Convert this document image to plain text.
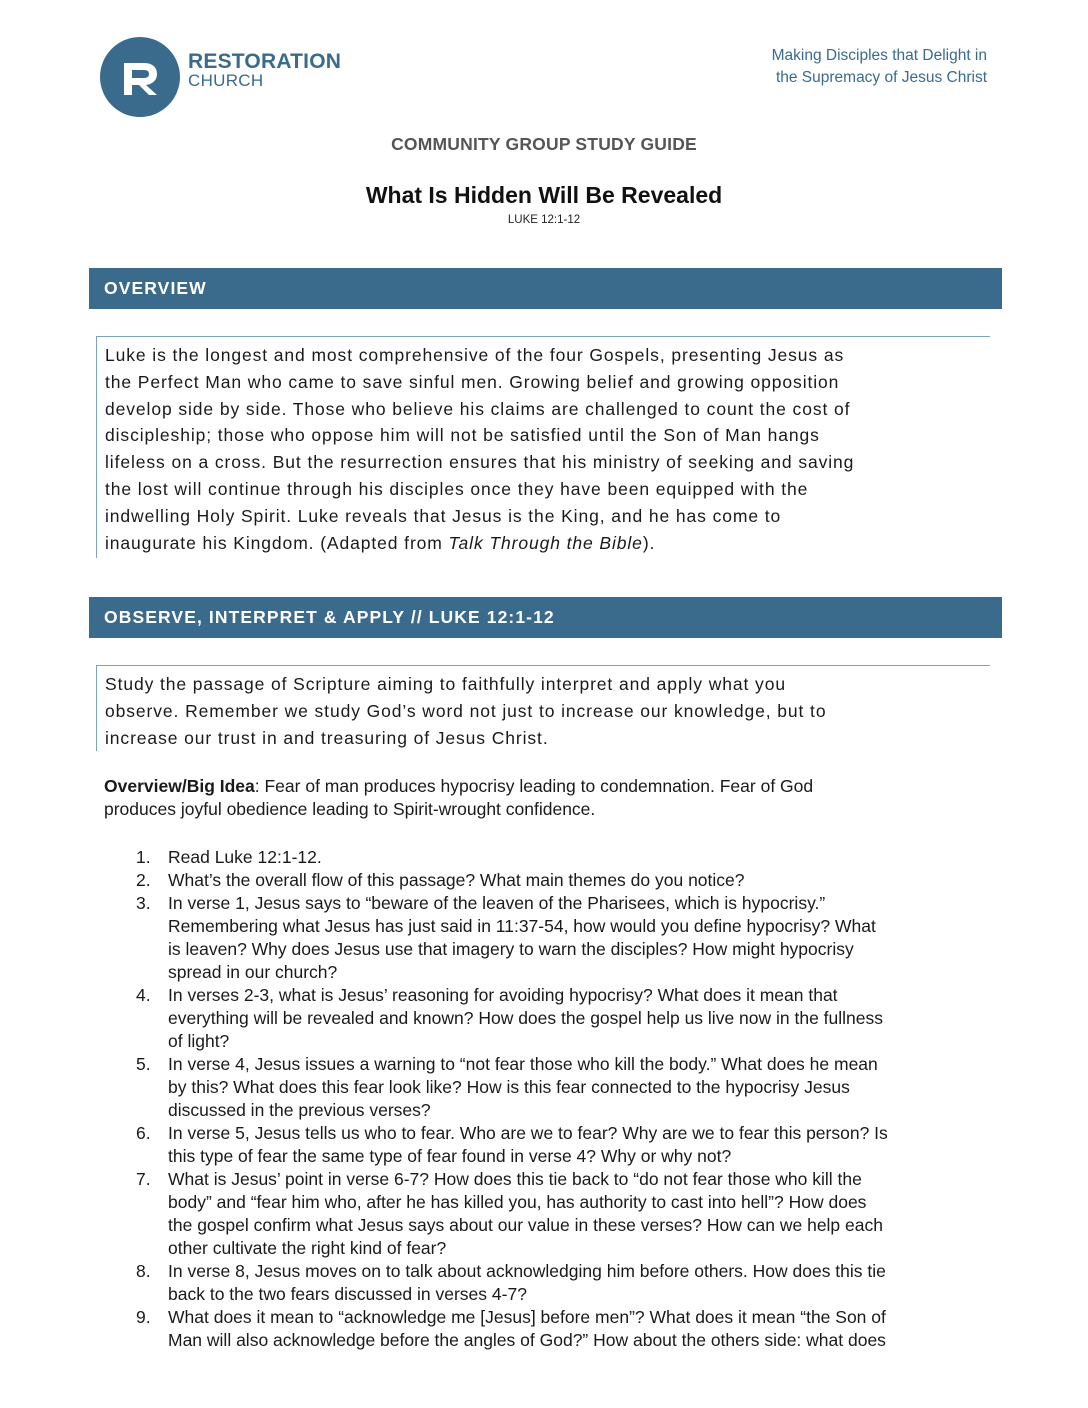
RESTORATION
CHURCH
Making Disciples that Delight in
the Supremacy of Jesus Christ
COMMUNITY GROUP STUDY GUIDE
What Is Hidden Will Be Revealed
LUKE 12:1-12
OVERVIEW
Luke is the longest and most comprehensive of the four Gospels, presenting Jesus as
the Perfect Man who came to save sinful men. Growing belief and growing opposition
develop side by side. Those who believe his claims are challenged to count the cost of
discipleship; those who oppose him will not be satisfied until the Son of Man hangs
lifeless on a cross. But the resurrection ensures that his ministry of seeking and saving
the lost will continue through his disciples once they have been equipped with the
indwelling Holy Spirit. Luke reveals that Jesus is the King, and he has come to
inaugurate his Kingdom. (Adapted from Talk Through the Bible).
OBSERVE, INTERPRET & APPLY // LUKE 12:1-12
Study the passage of Scripture aiming to faithfully interpret and apply what you
observe. Remember we study God’s word not just to increase our knowledge, but to
increase our trust in and treasuring of Jesus Christ.
Overview/Big Idea: Fear of man produces hypocrisy leading to condemnation. Fear of God
produces joyful obedience leading to Spirit-wrought confidence.
1. Read Luke 12:1-12.
2. What’s the overall flow of this passage? What main themes do you notice?
3. In verse 1, Jesus says to “beware of the leaven of the Pharisees, which is hypocrisy.”
Remembering what Jesus has just said in 11:37-54, how would you define hypocrisy? What
is leaven? Why does Jesus use that imagery to warn the disciples? How might hypocrisy
spread in our church?
4. In verses 2-3, what is Jesus’ reasoning for avoiding hypocrisy? What does it mean that
everything will be revealed and known? How does the gospel help us live now in the fullness
of light?
5. In verse 4, Jesus issues a warning to “not fear those who kill the body.” What does he mean
by this? What does this fear look like? How is this fear connected to the hypocrisy Jesus
discussed in the previous verses?
6. In verse 5, Jesus tells us who to fear. Who are we to fear? Why are we to fear this person? Is
this type of fear the same type of fear found in verse 4? Why or why not?
7. What is Jesus’ point in verse 6-7? How does this tie back to “do not fear those who kill the
body” and “fear him who, after he has killed you, has authority to cast into hell”? How does
the gospel confirm what Jesus says about our value in these verses? How can we help each
other cultivate the right kind of fear?
8. In verse 8, Jesus moves on to talk about acknowledging him before others. How does this tie
back to the two fears discussed in verses 4-7?
9. What does it mean to “acknowledge me [Jesus] before men”? What does it mean “the Son of
Man will also acknowledge before the angles of God?” How about the others side: what does
